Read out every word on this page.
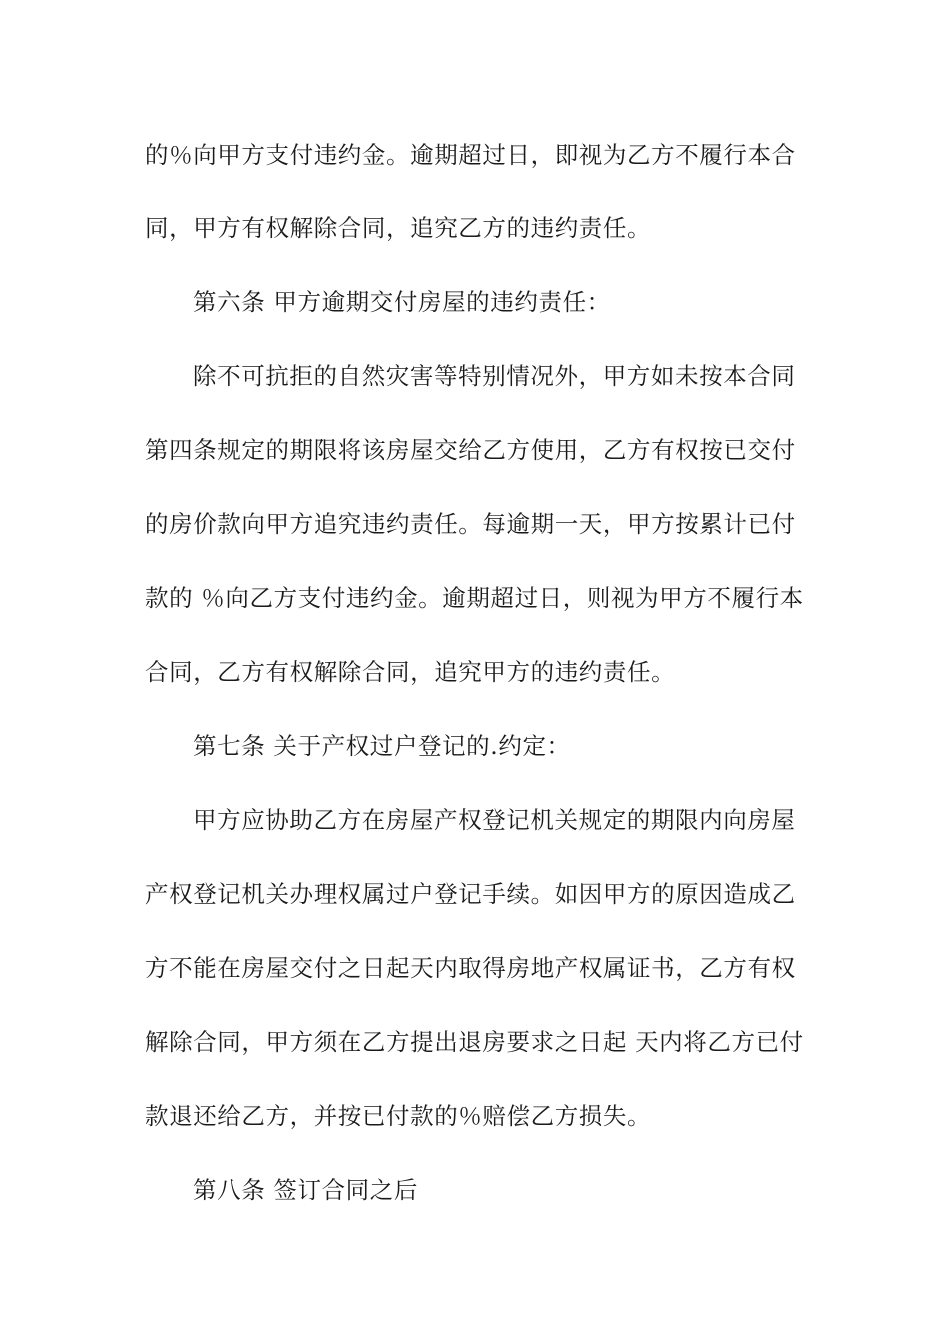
的％向甲方支付违约金。逾期超过日，即视为乙方不履行本合
同，甲方有权解除合同，追究乙方的违约责任。
第六条 甲方逾期交付房屋的违约责任：
除不可抗拒的自然灾害等特别情况外，甲方如未按本合同
第四条规定的期限将该房屋交给乙方使用，乙方有权按已交付
的房价款向甲方追究违约责任。每逾期一天，甲方按累计已付
款的 ％向乙方支付违约金。逾期超过日，则视为甲方不履行本
合同，乙方有权解除合同，追究甲方的违约责任。
第七条 关于产权过户登记的.约定：
甲方应协助乙方在房屋产权登记机关规定的期限内向房屋
产权登记机关办理权属过户登记手续。如因甲方的原因造成乙
方不能在房屋交付之日起天内取得房地产权属证书，乙方有权
解除合同，甲方须在乙方提出退房要求之日起 天内将乙方已付
款退还给乙方，并按已付款的％赔偿乙方损失。
第八条 签订合同之后
